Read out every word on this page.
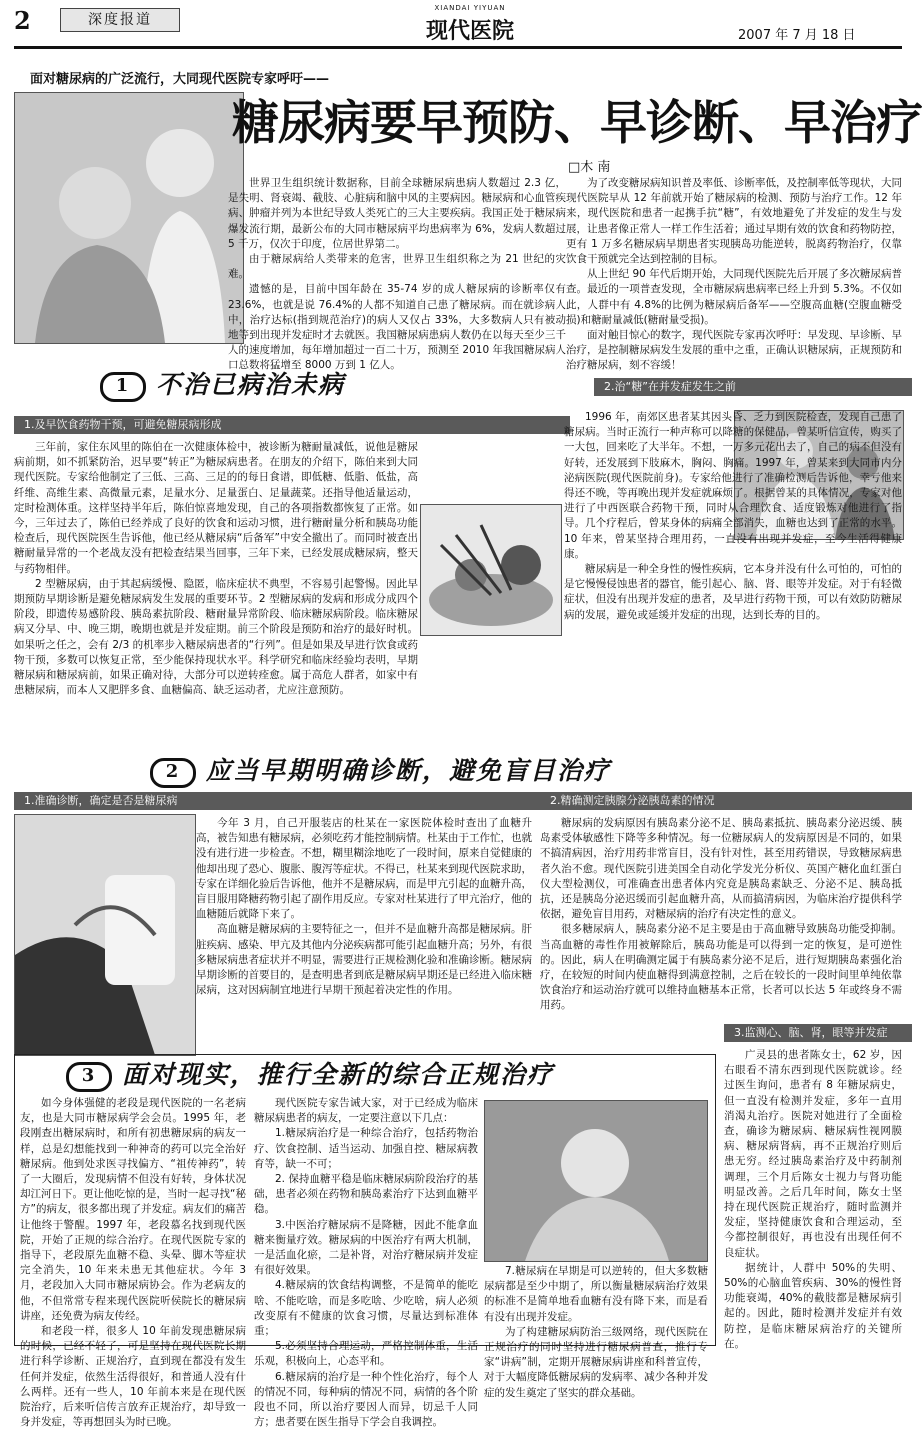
2	深度报道
XIANDAI YIYUAN
现代医院	2007 年 7 月 18 日
面对糖尿病的广泛流行，大同现代医院专家呼吁——
糖尿病要早预防、早诊断、早治疗
□木 南

世界卫生组织统计数据称，目前全球糖尿病患病人数超过 2.3 亿，是失明、肾衰竭、截肢、心脏病和脑中风的主要病因。糖尿病和心血管疾病、肿瘤并列为本世纪导致人类死亡的三大主要疾病。我国正处于糖尿病爆发流行期，最新公布的大同市糖尿病平均患病率为 6%，发病人数超过 5 千万，仅次于印度，位居世界第二。

由于糖尿病给人类带来的危害，世界卫生组织称之为 21 世纪的灾难。

遗憾的是，目前中国年龄在 35-74 岁的成人糖尿病的诊断率仅有 23.6%，也就是说 76.4%的人都不知道自己患了糖尿病。而在就诊病人中，治疗达标(指到规范治疗)的病人又仅占 33%，大多数病人只有被动地等到出现并发症时才去就医。我国糖尿病患病人数仍在以每天至少三千人的速度增加，每年增加超过一百二十万，预测至 2010 年我国糖尿病人口总数将猛增至 8000 万到 1 亿人。

为了改变糖尿病知识普及率低、诊断率低，及控制率低等现状，大同现代医院早从 12 年前就开始了糖尿病的检测、预防与治疗工作。12 年来，现代医院和患者一起携手抗“糖”，有效地避免了并发症的发生与发展，让患者像正常人一样工作生活着；通过早期有效的饮食和药物防控，更有 1 万多名糖尿病早期患者实现胰岛功能逆转，脱离药物治疗，仅靠饮食干预就完全达到控制的目标。

从上世纪 90 年代后期开始，大同现代医院先后开展了多次糖尿病普查。最近的一项普查发现，全市糖尿病患病率已经上升到 5.3%。不仅如此，人群中有 4.8%的比例为糖尿病后备军——空腹高血糖(空腹血糖受损)和糖耐量减低(糖耐量受损)。

面对触目惊心的数字，现代医院专家再次呼吁：早发现、早诊断、早治疗，是控制糖尿病发生发展的重中之重，正确认识糖尿病，正规预防和治疗糖尿病，刻不容缓！

1 不治已病治未病
1.及早饮食药物干预，可避免糖尿病形成
2.治“糖”在并发症发生之前

三年前，家住东风里的陈伯在一次健康体检中，被诊断为糖耐量减低，说他是糖尿病前期，如不抓紧防治，迟早要“转正”为糖尿病患者。在朋友的介绍下，陈伯来到大同现代医院。专家给他制定了三低、三高、三足的的每日食谱，即低糖、低脂、低盐，高纤维、高维生素、高微量元素，足量水分、足量蛋白、足量蔬菜。还指导他适量运动，定时检测体重。这样坚持半年后，陈伯惊喜地发现，自己的各项指数都恢复了正常。如今，三年过去了，陈伯已经养成了良好的饮食和运动习惯，进行糖耐量分析和胰岛功能检查后，现代医院医生告诉他，他已经从糖尿病“后备军”中安全撤出了。而同时被查出糖耐量异常的一个老战友没有把检查结果当回事，三年下来，已经发展成糖尿病，整天与药物相伴。

2 型糖尿病，由于其起病缓慢、隐匿，临床症状不典型，不容易引起警惕。因此早期预防早期诊断是避免糖尿病发生发展的重要环节。2 型糖尿病的发病和形成分成四个阶段，即遗传易感阶段、胰岛素抗阶段、糖耐量异常阶段、临床糖尿病阶段。临床糖尿病又分早、中、晚三期，晚期也就是并发症期。前三个阶段是预防和治疗的最好时机。如果听之任之，会有 2/3 的机率步入糖尿病患者的“行列”。但是如果及早进行饮食或药物干预，多数可以恢复正常，至少能保持现状水平。科学研究和临床经验均表明，早期糖尿病和糖尿病前，如果正确对待，大部分可以逆转痊愈。属于高危人群者，如家中有患糖尿病，而本人又肥胖多食、血糖偏高、缺乏运动者，尤应注意预防。

1996 年，南郊区患者某其因头昏、乏力到医院检查，发现自己患了糖尿病。当时正流行一种声称可以降糖的保健品，曾某听信宣传，购买了一大包，回来吃了大半年。不想，一万多元花出去了，自己的病不但没有好转，还发展到下肢麻木，胸闷、胸痛。1997 年，曾某来到大同市内分泌病医院(现代医院前身)。专家给他进行了准确检测后告诉他，幸亏他来得还不晚，等再晚出现并发症就麻烦了。根据曾某的具体情况，专家对他进行了中西医联合药物干预，同时从合理饮食、适度锻炼对他进行了指导。几个疗程后，曾某身体的病痛全部消失，血糖也达到了正常的水平。10 年来，曾某坚持合理用药，一直没有出现并发症，至今生活得健康康。

糖尿病是一种全身性的慢性疾病，它本身并没有什么可怕的，可怕的是它慢慢侵蚀患者的器官，能引起心、脑、肾、眼等并发症。对于有轻微症状，但没有出现并发症的患者，及早进行药物干预，可以有效防防糖尿病的发展，避免或延缓并发症的出现，达到长寿的目的。

2 应当早期明确诊断，避免盲目治疗
1.准确诊断，确定是否是糖尿病	2.精确测定胰腺分泌胰岛素的情况

今年 3 月，自己开服装店的杜某在一家医院体检时查出了血糖升高，被告知患有糖尿病，必须吃药才能控制病情。杜某由于工作忙，也就没有进行进一步检查。不想，糊里糊涂地吃了一段时间，原来自觉健康的他却出现了恐心、腹胀、腹泻等症状。不得已，杜某来到现代医院求助，专家在详细化验后告诉他，他并不是糖尿病，而是甲亢引起的血糖升高，盲目服用降糖药物引起了副作用反应。专家对杜某进行了甲亢治疗，他的血糖随后就降下来了。

高血糖是糖尿病的主要特征之一，但并不是血糖升高都是糖尿病。肝脏疾病、感染、甲亢及其他内分泌疾病都可能引起血糖升高；另外，有很多糖尿病患者症状并不明显，需要进行正规检测化验和准确诊断。糖尿病早期诊断的首要目的，是查明患者到底是糖尿病早期还是已经进入临床糖尿病，这对因病制宜地进行早期干预起着决定性的作用。

糖尿病的发病原因有胰岛素分泌不足、胰岛素抵抗、胰岛素分泌迟缓、胰岛素受体敏感性下降等多种情况。每一位糖尿病人的发病原因是不同的，如果不搞清病因，治疗用药非常盲目，没有针对性，甚至用药错误，导致糖尿病患者久治不愈。现代医院引进美国全自动化学发光分析仪、英国产糖化血红蛋白仪大型检测仪，可准确查出患者体内究竟是胰岛素缺乏、分泌不足、胰岛抵抗，还是胰岛分泌迟缓而引起血糖升高，从而搞清病因，为临床治疗提供科学依据，避免盲目用药，对糖尿病的治疗有决定性的意义。

很多糖尿病人，胰岛素分泌不足主要是由于高血糖导致胰岛功能受抑制。当高血糖的毒性作用被解除后，胰岛功能是可以得到一定的恢复，是可逆性的。因此，病人在明确测定属于有胰岛素分泌不足后，进行短期胰岛素强化治疗，在较短的时间内使血糖得到满意控制，之后在较长的一段时间里单纯依靠饮食治疗和运动治疗就可以维持血糖基本正常，长者可以长达 5 年或终身不需用药。

3 面对现实，推行全新的综合正规治疗

如今身体强健的老段是现代医院的一名老病友，也是大同市糖尿病学会会员。1995 年，老段刚查出糖尿病时，和所有初患糖尿病的病友一样，总是幻想能找到一种神奇的药可以完全治好糖尿病。他到处求医寻找偏方、“祖传神药”，转了一大圈后，发现病情不但没有好转，身体状况却江河日下。更让他吃惊的是，当时一起寻找“秘方”的病友，很多都出现了并发症。病友们的痛苦让他终于警醒。1997 年，老段慕名找到现代医院，开始了正规的综合治疗。在现代医院专家的指导下，老段原先血糖不稳、头晕、脚木等症状完全消失，10 年来未患无其他症状。今年 3 月，老段加入大同市糖尿病协会。作为老病友的他，不但常常专程来现代医院听侯院长的糖尿病讲座，还免费为病友传经。

和老段一样，很多人 10 年前发现患糖尿病的时候，已经不轻了，可是坚持在现代医院长期进行科学诊断、正规治疗，直到现在都没有发生任何并发症，依然生活得很好，和普通人没有什么两样。还有一些人，10 年前本来是在现代医院治疗，后来听信传言放弃正规治疗，却导致一身并发症，等再想回头为时已晚。

现代医院专家告诫大家，对于已经成为临床糖尿病患者的病友，一定要注意以下几点：

1.糖尿病治疗是一种综合治疗，包括药物治疗、饮食控制、适当运动、加强自控、糖尿病教育等，缺一不可；

2. 保持血糖平稳是临床糖尿病阶段治疗的基础，患者必须在药物和胰岛素治疗下达到血糖平稳。

3.中医治疗糖尿病不是降糖，因此不能拿血糖来衡量疗效。糖尿病的中医治疗有两大机制，一是活血化瘀，二是补肾，对治疗糖尿病并发症有很好效果。

4.糖尿病的饮食结构调整，不是简单的能吃啥、不能吃啥，而是多吃啥、少吃啥，病人必须改变原有不健康的饮食习惯，尽量达到标准体重；

5.必须坚持合理运动，严格控制体重，生活乐观，积极向上，心态平和。

6.糖尿病的治疗是一种个性化治疗，每个人的情况不同，每种病的情况不同，病情的各个阶段也不同，所以治疗要因人而异，切忌千人同方；患者要在医生指导下学会自我调控。

7.糖尿病在早期是可以逆转的，但大多数糖尿病都是至少中期了，所以衡量糖尿病治疗效果的标准不是简单地看血糖有没有降下来，而是看有没有出现并发症。

为了构建糖尿病防治三级网络，现代医院在正规治疗的同时坚持进行糖尿病普查，推行专家“讲病”制，定期开展糖尿病讲座和科普宣传，对于大幅度降低糖尿病的发病率、减少各种并发症的发生奠定了坚实的群众基础。

3.监测心、脑、肾，眼等并发症

广灵县的患者陈女士，62 岁，因右眼看不清东西到现代医院就诊。经过医生询问，患者有 8 年糖尿病史，但一直没有检测并发症，多年一直用消渴丸治疗。医院对她进行了全面检查，确诊为糖尿病、糖尿病性视网膜病、糖尿病肾病，再不正规治疗则后患无穷。经过胰岛素治疗及中药制剂调理，三个月后陈女士视力与肾功能明显改善。之后几年时间，陈女士坚持在现代医院正规治疗，随时监测并发症，坚持健康饮食和合理运动，至今都控制很好，再也没有出现任何不良症状。

据统计，人群中 50%的失明、50%的心脑血管疾病、30%的慢性肾功能衰竭，40%的截肢都是糖尿病引起的。因此，随时检测并发症并有效防控，是临床糖尿病治疗的关键所在。
